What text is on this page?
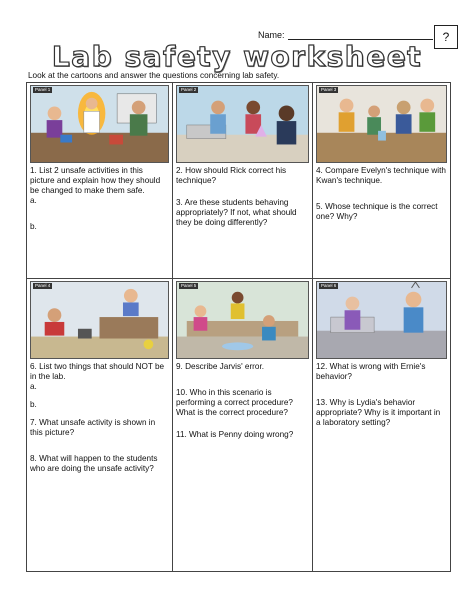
Name:	?
Lab safety worksheet
Look at the cartoons and answer the questions concerning lab safety.
Panel 1

1. List 2 unsafe activities in this picture and explain how they should be changed to make them safe.

a.

b.

Panel 2

2. How should Rick correct his technique?

3. Are these students behaving appropriately? If not, what should they be doing differently?

Panel 3

4. Compare Evelyn's technique with Kwan's technique.

5. Whose technique is the correct one? Why?

Panel 4

6. List two things that should NOT be in the lab.

a.

b.

7. What unsafe activity is shown in this picture?

8. What will happen to the students who are doing the unsafe activity?

Panel 5

9. Describe Jarvis' error.

10. Who in this scenario is performing a correct procedure? What is the correct procedure?

11. What is Penny doing wrong?

Panel 6

12. What is wrong with Ernie's behavior?

13. Why is Lydia's behavior appropriate? Why is it important in a laboratory setting?
